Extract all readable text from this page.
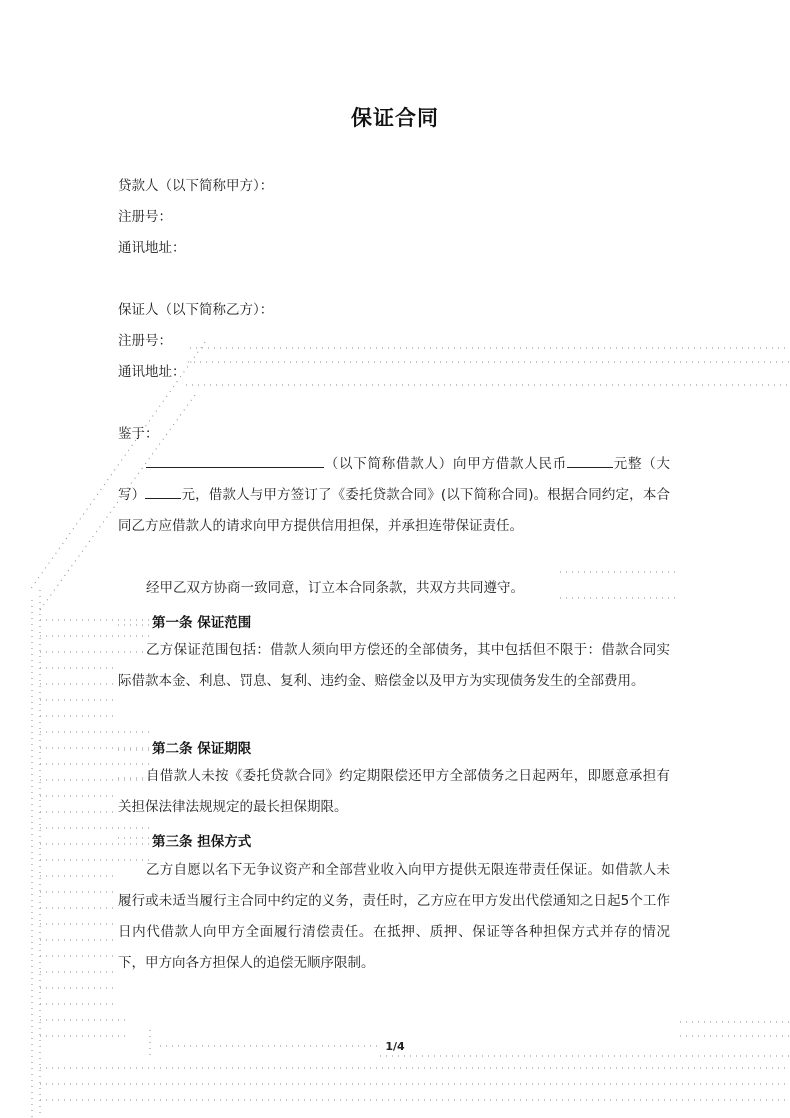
保证合同
贷款人（以下简称甲方）：
注册号：
通讯地址：
保证人（以下简称乙方）：
注册号：
通讯地址：
鉴于：
（以下简称借款人）向甲方借款人民币	元整（大写）	元，借款人与甲方签订了《委托贷款合同》(以下简称合同)。根据合同约定，本合同乙方应借款人的请求向甲方提供信用担保，并承担连带保证责任。
经甲乙双方协商一致同意，订立本合同条款，共双方共同遵守。
第一条 保证范围
乙方保证范围包括：借款人须向甲方偿还的全部债务，其中包括但不限于：借款合同实际借款本金、利息、罚息、复利、违约金、赔偿金以及甲方为实现债务发生的全部费用。
第二条 保证期限
自借款人未按《委托贷款合同》约定期限偿还甲方全部债务之日起两年，即愿意承担有关担保法律法规规定的最长担保期限。
第三条 担保方式
乙方自愿以名下无争议资产和全部营业收入向甲方提供无限连带责任保证。如借款人未履行或未适当履行主合同中约定的义务，责任时，乙方应在甲方发出代偿通知之日起5个工作日内代借款人向甲方全面履行清偿责任。在抵押、质押、保证等各种担保方式并存的情况下，甲方向各方担保人的追偿无顺序限制。
1/4
